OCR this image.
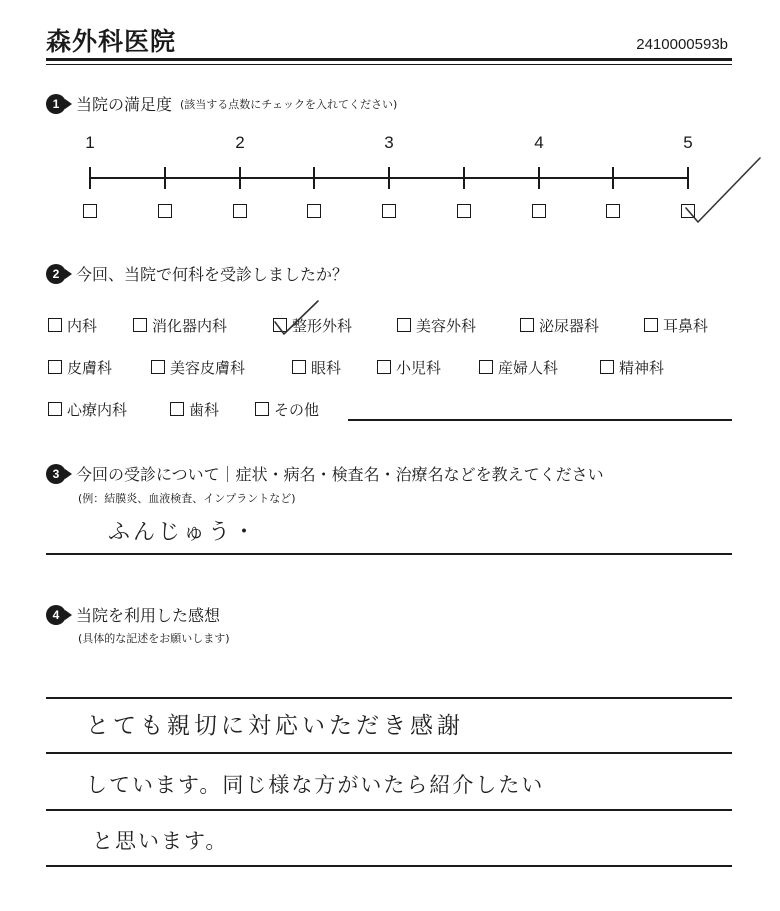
森外科医院	2410000593b
1 当院の満足度 (該当する点数にチェックを入れてください)
1	2	3	4	5
2 今回、当院で何科を受診しましたか？
内科	消化器内科	整形外科	美容外科	泌尿器科	耳鼻科
皮膚科	美容皮膚科	眼科	小児科	産婦人科	精神科
心療内科	歯科	その他
3 今回の受診について｜症状・病名・検査名・治療名などを教えてください
(例：結膜炎、血液検査、インプラントなど)
ふんじゅう・
4 当院を利用した感想
(具体的な記述をお願いします)
とても親切に対応いただき感謝
しています。同じ様な方がいたら紹介したい
と思います。
